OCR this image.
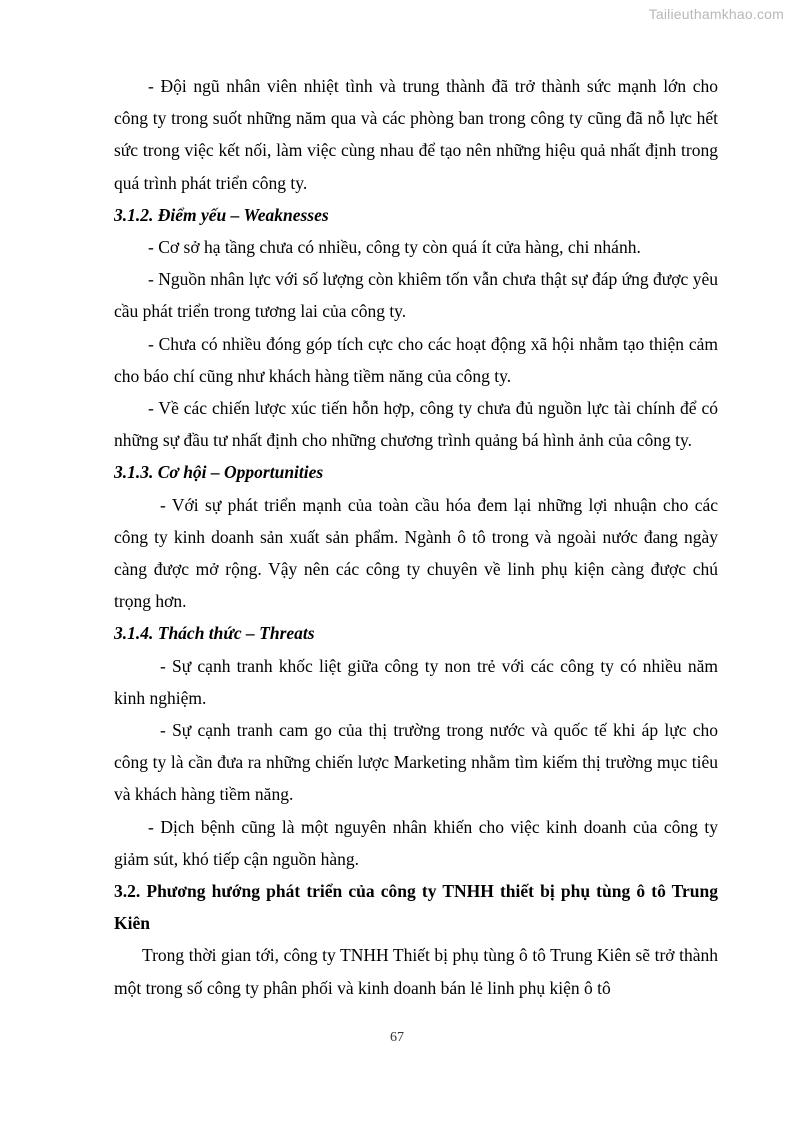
Tailieuthamkhao.com

- Đội ngũ nhân viên nhiệt tình và trung thành đã trở thành sức mạnh lớn cho công ty trong suốt những năm qua và các phòng ban trong công ty cũng đã nỗ lực hết sức trong việc kết nối, làm việc cùng nhau để tạo nên những hiệu quả nhất định trong quá trình phát triển công ty.

3.1.2. Điểm yếu – Weaknesses

- Cơ sở hạ tầng chưa có nhiều, công ty còn quá ít cửa hàng, chi nhánh.

- Nguồn nhân lực với số lượng còn khiêm tốn vẫn chưa thật sự đáp ứng được yêu cầu phát triển trong tương lai của công ty.

- Chưa có nhiều đóng góp tích cực cho các hoạt động xã hội nhằm tạo thiện cảm cho báo chí cũng như khách hàng tiềm năng của công ty.

- Về các chiến lược xúc tiến hỗn hợp, công ty chưa đủ nguồn lực tài chính để có những sự đầu tư nhất định cho những chương trình quảng bá hình ảnh của công ty.

3.1.3. Cơ hội – Opportunities

- Với sự phát triển mạnh của toàn cầu hóa đem lại những lợi nhuận cho các công ty kinh doanh sản xuất sản phẩm. Ngành ô tô trong và ngoài nước đang ngày càng được mở rộng. Vậy nên các công ty chuyên về linh phụ kiện càng được chú trọng hơn.

3.1.4. Thách thức – Threats

- Sự cạnh tranh khốc liệt giữa công ty non trẻ với các công ty có nhiều năm kinh nghiệm.

- Sự cạnh tranh cam go của thị trường trong nước và quốc tế khi áp lực cho công ty là cần đưa ra những chiến lược Marketing nhằm tìm kiếm thị trường mục tiêu và khách hàng tiềm năng.

- Dịch bệnh cũng là một nguyên nhân khiến cho việc kinh doanh của công ty giảm sút, khó tiếp cận nguồn hàng.

3.2. Phương hướng phát triển của công ty TNHH thiết bị phụ tùng ô tô Trung Kiên

Trong thời gian tới, công ty TNHH Thiết bị phụ tùng ô tô Trung Kiên sẽ trở thành một trong số công ty phân phối và kinh doanh bán lẻ linh phụ kiện ô tô

67
